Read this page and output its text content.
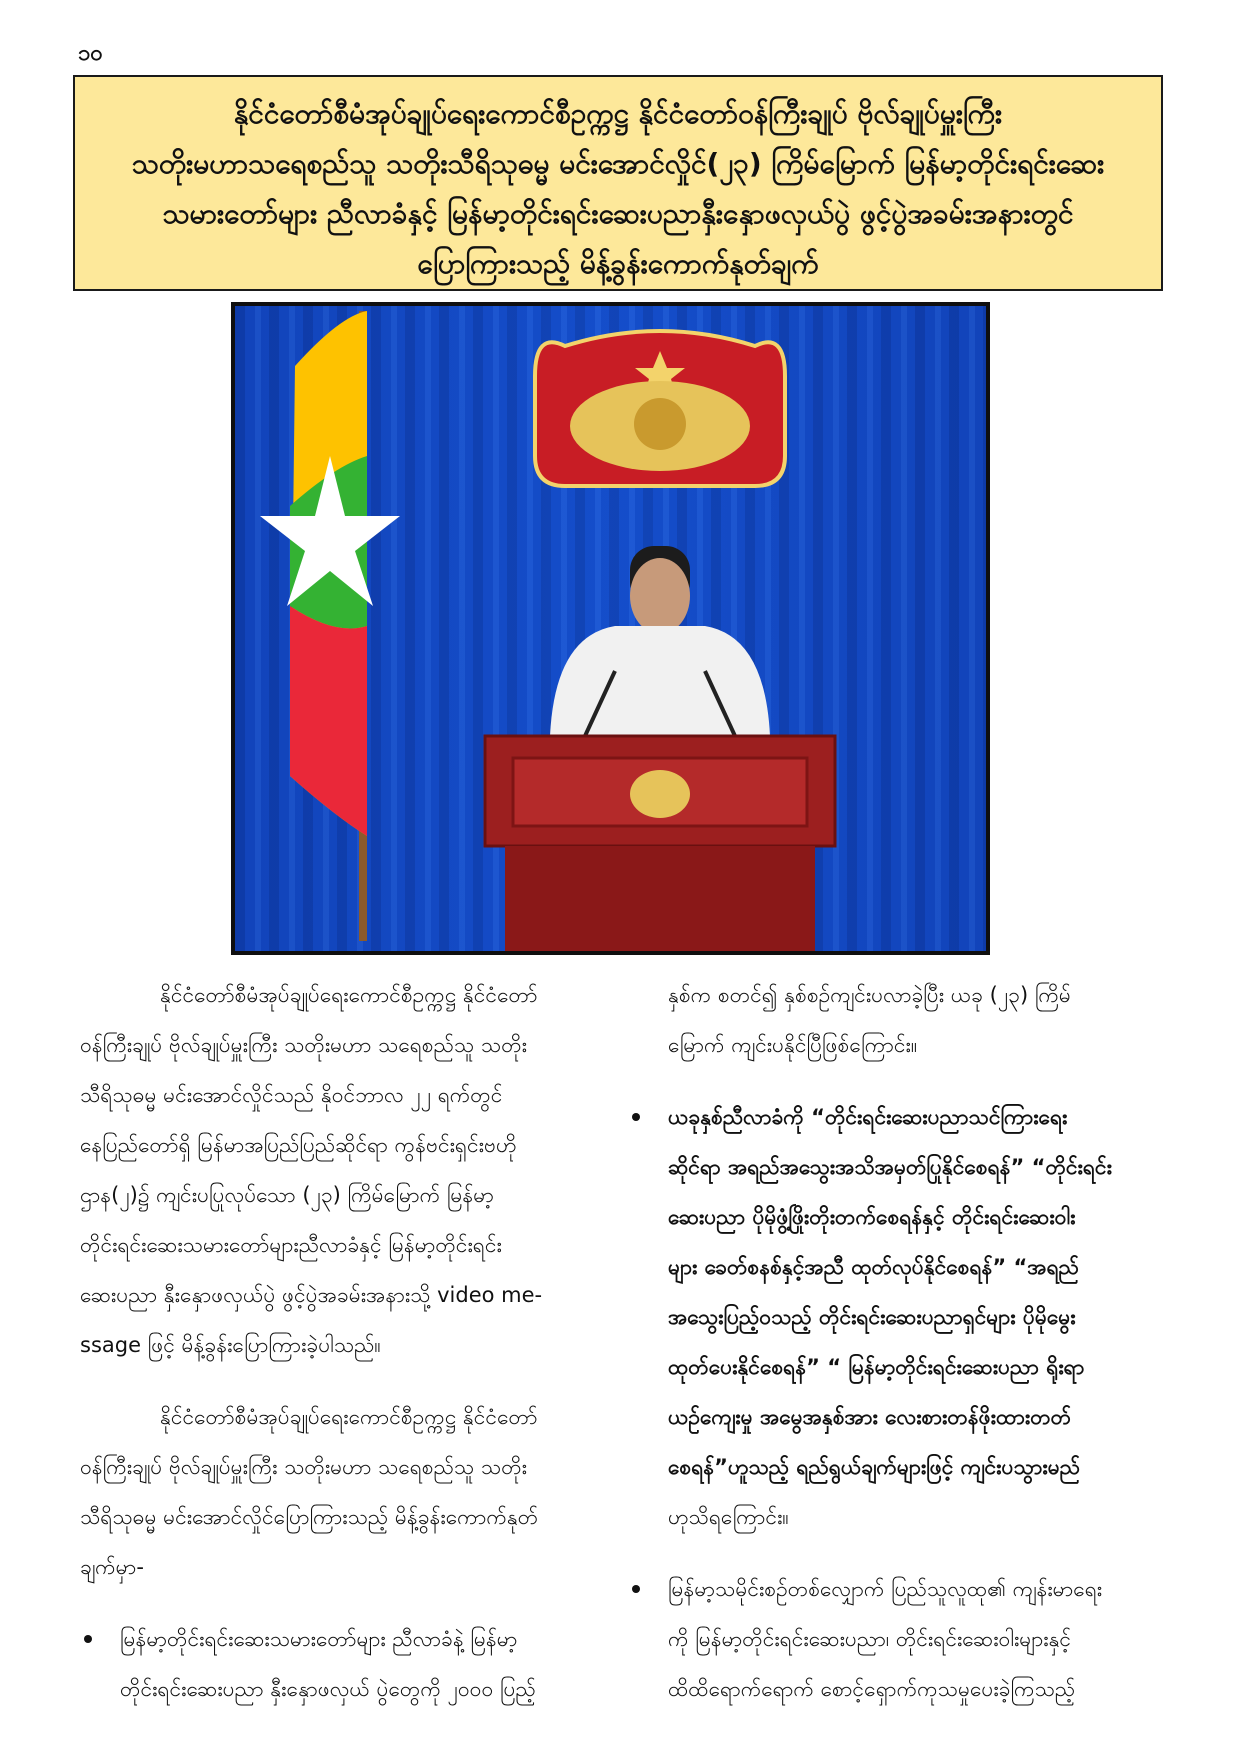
၁၀
နိုင်ငံတော်စီမံအုပ်ချုပ်ရေးကောင်စီဥက္ကဋ္ဌ နိုင်ငံတော်ဝန်ကြီးချုပ် ဗိုလ်ချုပ်မှူးကြီး
သတိုးမဟာသရေစည်သူ သတိုးသီရိသုဓမ္မ မင်းအောင်လှိုင်(၂၃) ကြိမ်မြောက် မြန်မာ့တိုင်းရင်းဆေး
သမားတော်များ ညီလာခံနှင့် မြန်မာ့တိုင်းရင်းဆေးပညာနှီးနှောဖလှယ်ပွဲ ဖွင့်ပွဲအခမ်းအနားတွင်
ပြောကြားသည့် မိန့်ခွန်းကောက်နုတ်ချက်
နိုင်ငံတော်စီမံအုပ်ချုပ်ရေးကောင်စီဥက္ကဋ္ဌ နိုင်ငံတော်
ဝန်ကြီးချုပ် ဗိုလ်ချုပ်မှူးကြီး သတိုးမဟာ သရေစည်သူ သတိုး
သီရိသုဓမ္မ မင်းအောင်လှိုင်သည် နိုဝင်ဘာလ ၂၂ ရက်တွင်
နေပြည်တော်ရှိ မြန်မာအပြည်ပြည်ဆိုင်ရာ ကွန်ဗင်းရှင်းဗဟို
ဌာန(၂)၌ ကျင်းပပြုလုပ်သော (၂၃) ကြိမ်မြောက် မြန်မာ့
တိုင်းရင်းဆေးသမားတော်များညီလာခံနှင့် မြန်မာ့တိုင်းရင်း
ဆေးပညာ နှီးနှောဖလှယ်ပွဲ ဖွင့်ပွဲအခမ်းအနားသို့ video me-
ssage ဖြင့် မိန့်ခွန်းပြောကြားခဲ့ပါသည်။
နိုင်ငံတော်စီမံအုပ်ချုပ်ရေးကောင်စီဥက္ကဋ္ဌ နိုင်ငံတော်
ဝန်ကြီးချုပ် ဗိုလ်ချုပ်မှူးကြီး သတိုးမဟာ သရေစည်သူ သတိုး
သီရိသုဓမ္မ မင်းအောင်လှိုင်ပြောကြားသည့် မိန့်ခွန်းကောက်နုတ်
ချက်မှာ-
မြန်မာ့တိုင်းရင်းဆေးသမားတော်များ ညီလာခံနဲ့ မြန်မာ့
တိုင်းရင်းဆေးပညာ နှီးနှောဖလှယ် ပွဲတွေကို ၂၀၀၀ ပြည့်
နှစ်က စတင်၍ နှစ်စဉ်ကျင်းပလာခဲ့ပြီး ယခု (၂၃) ကြိမ်
မြောက် ကျင်းပနိုင်ပြီဖြစ်ကြောင်း။
ယခုနှစ်ညီလာခံကို “တိုင်းရင်းဆေးပညာသင်ကြားရေး
ဆိုင်ရာ အရည်အသွေးအသိအမှတ်ပြုနိုင်စေရန်” “တိုင်းရင်း
ဆေးပညာ ပိုမိုဖွံ့ဖြိုးတိုးတက်စေရန်နှင့် တိုင်းရင်းဆေးဝါး
များ ခေတ်စနစ်နှင့်အညီ ထုတ်လုပ်နိုင်စေရန်” “အရည်
အသွေးပြည့်ဝသည့် တိုင်းရင်းဆေးပညာရှင်များ ပိုမိုမွေး
ထုတ်ပေးနိုင်စေရန်” “ မြန်မာ့တိုင်းရင်းဆေးပညာ ရိုးရာ
ယဉ်ကျေးမှု အမွေအနှစ်အား လေးစားတန်ဖိုးထားတတ်
စေရန်”ဟူသည့် ရည်ရွယ်ချက်များဖြင့် ကျင်းပသွားမည်
ဟုသိရကြောင်း။
မြန်မာ့သမိုင်းစဉ်တစ်လျှောက် ပြည်သူလူထု၏ ကျန်းမာရေး
ကို မြန်မာ့တိုင်းရင်းဆေးပညာ၊ တိုင်းရင်းဆေးဝါးများနှင့်
ထိထိရောက်ရောက် စောင့်ရှောက်ကုသမှုပေးခဲ့ကြသည့်
